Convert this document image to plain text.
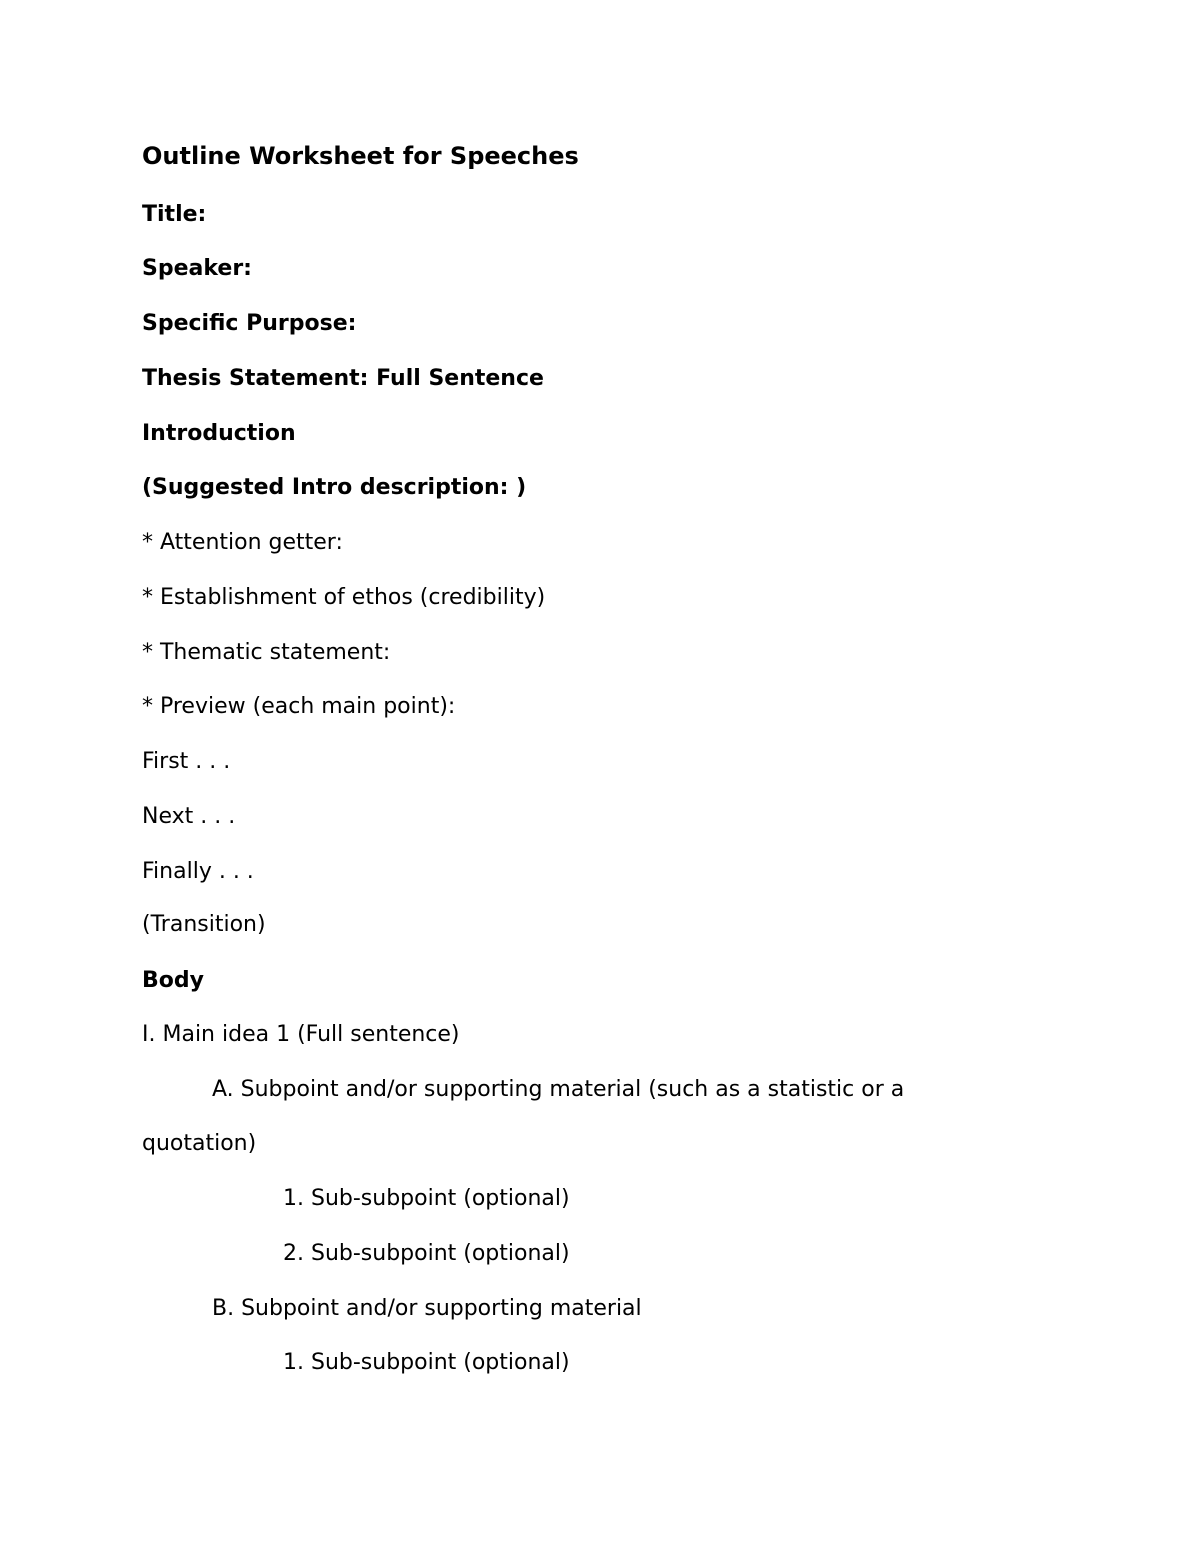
Outline Worksheet for Speeches

Title:

Speaker:

Specific Purpose:

Thesis Statement: Full Sentence

Introduction

(Suggested Intro description: )

* Attention getter:

* Establishment of ethos (credibility)

* Thematic statement:

* Preview (each main point):

First . . .

Next . . .

Finally . . .

(Transition)

Body

I. Main idea 1 (Full sentence)

A. Subpoint and/or supporting material (such as a statistic or a

quotation)

1. Sub-subpoint (optional)

2. Sub-subpoint (optional)

B. Subpoint and/or supporting material

1. Sub-subpoint (optional)
